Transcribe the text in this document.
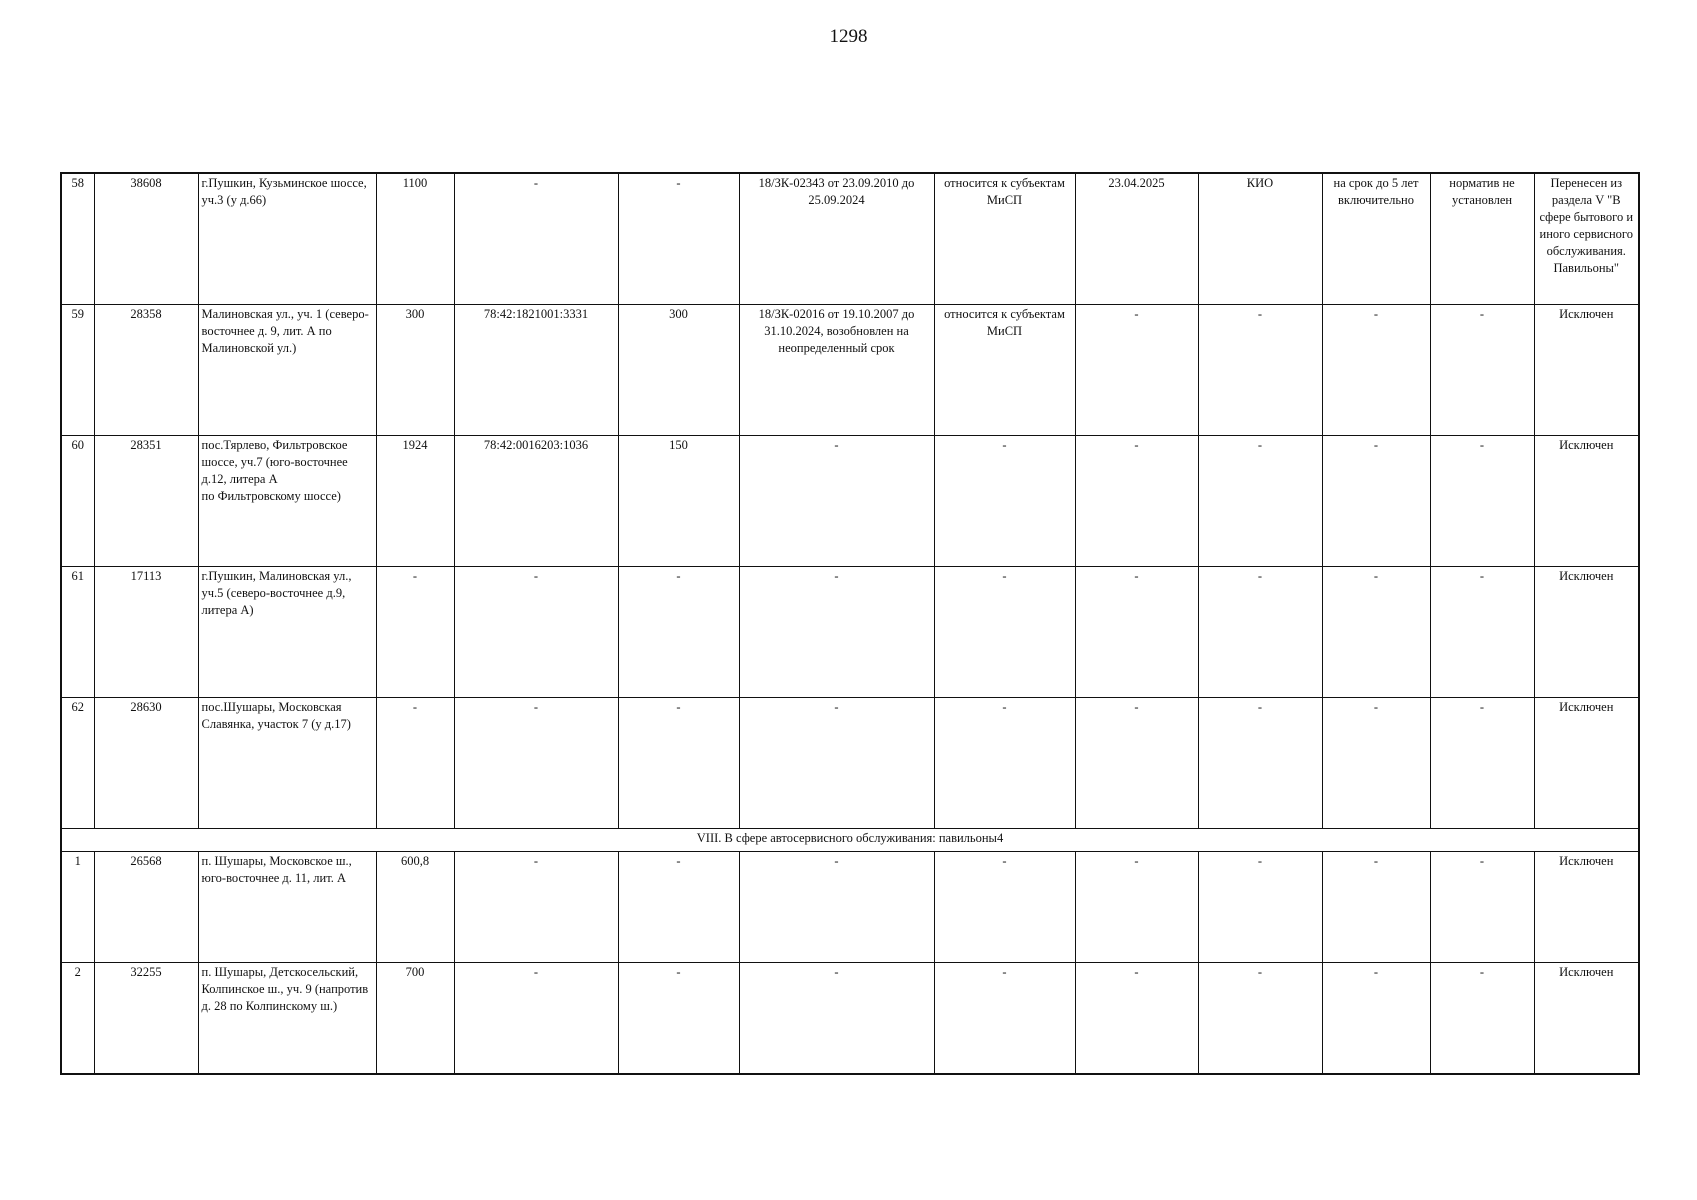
1298
58	38608	г.Пушкин, Кузьминское шоссе, уч.3 (у д.66)	1100	-	-	18/ЗК-02343 от 23.09.2010 до 25.09.2024	относится к субъектам МиСП	23.04.2025	КИО	на срок до 5 лет включительно	норматив не установлен	Перенесен из раздела V "В сфере бытового и иного сервисного обслуживания. Павильоны"

59	28358	Малиновская ул., уч. 1 (северо-восточнее д. 9, лит. А по Малиновской ул.)	300	78:42:1821001:3331	300	18/ЗК-02016 от 19.10.2007 до 31.10.2024, возобновлен на неопределенный срок	относится к субъектам МиСП	-	-	-	-	Исключен
60	28351	пос.Тярлево, Фильтровское шоссе, уч.7 (юго-восточнее д.12, литера А
по Фильтровскому шоссе)	1924	78:42:0016203:1036	150	-	-	-	-	-	-	Исключен
61	17113	г.Пушкин, Малиновская ул., уч.5 (северо-восточнее д.9, литера А)	-	-	-	-	-	-	-	-	-	Исключен
62	28630	пос.Шушары, Московская Славянка, участок 7 (у д.17)	-	-	-	-	-	-	-	-	-	Исключен
VIII. В сфере автосервисного обслуживания: павильоны4												
1	26568	п. Шушары, Московское ш., юго-восточнее д. 11, лит. А	600,8	-	-	-	-	-	-	-	-	Исключен
2	32255	п. Шушары, Детскосельский, Колпинское ш., уч. 9 (напротив д. 28 по Колпинскому ш.)	700	-	-	-	-	-	-	-	-	Исключен
